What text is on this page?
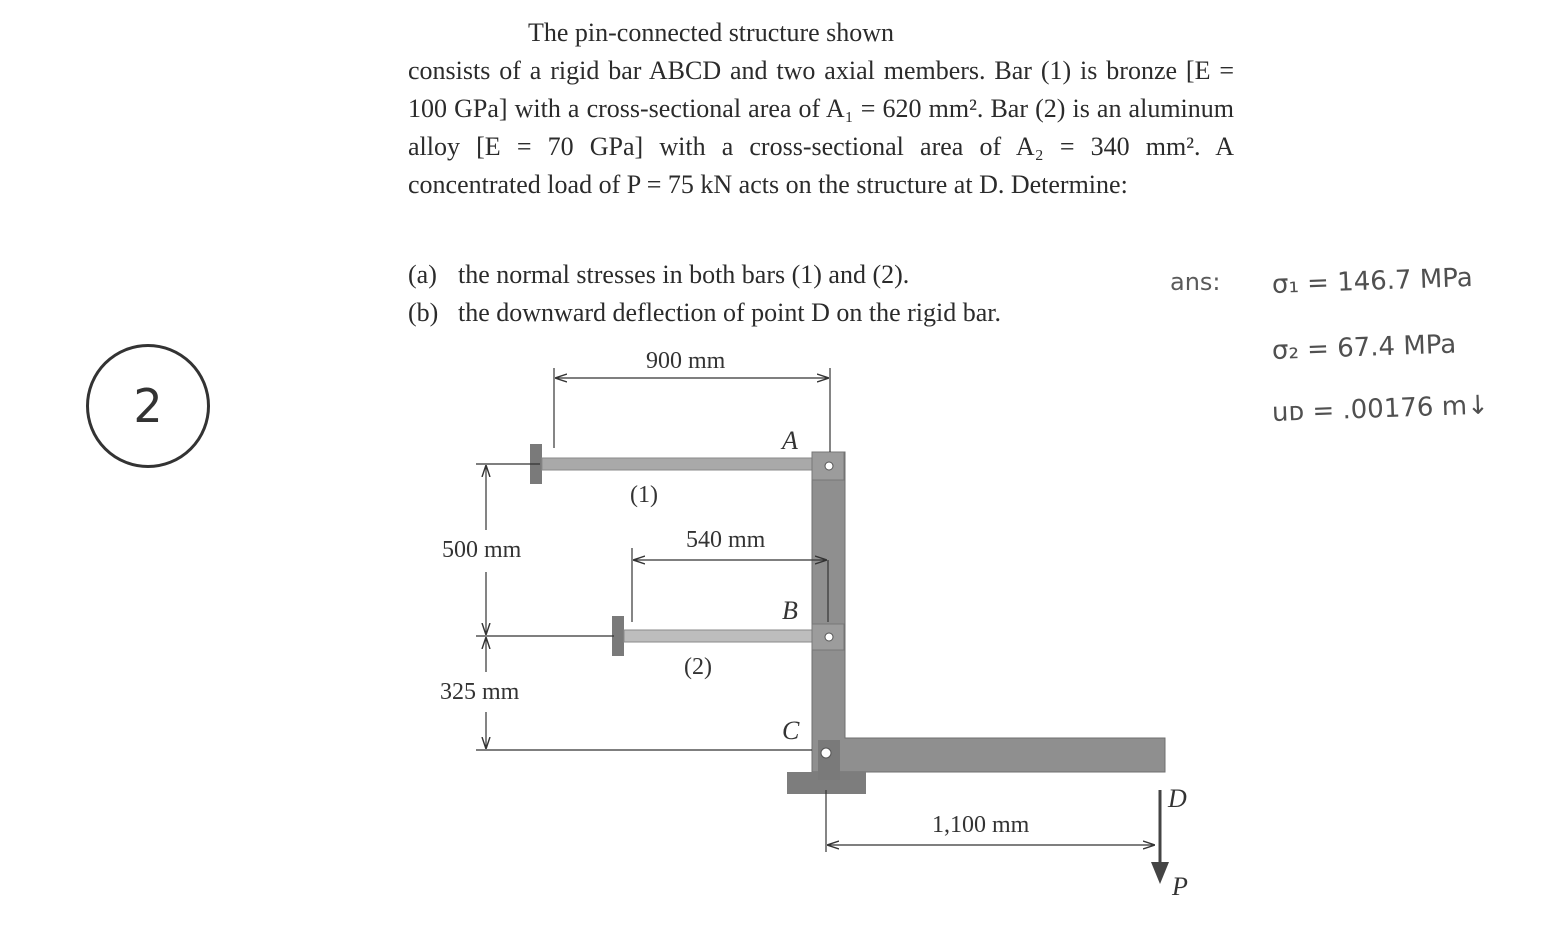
The pin-connected structure shown

consists of a rigid bar ABCD and two axial members. Bar (1) is bronze [E = 100 GPa] with a cross-sectional area of A₁ = 620 mm². Bar (2) is an aluminum alloy [E = 70 GPa] with a cross-sectional area of A₂ = 340 mm². A concentrated load of P = 75 kN acts on the structure at D. Determine:

(a) the normal stresses in both bars (1) and (2).
(b) the downward deflection of point D on the rigid bar.
2
ans: σ₁ = 146.7 MPa
σ₂ = 67.4 MPa
uᴅ = .00176 m↓
900 mm
540 mm
500 mm
325 mm
1,100 mm
(1)
(2)
A
B
C
D
P
